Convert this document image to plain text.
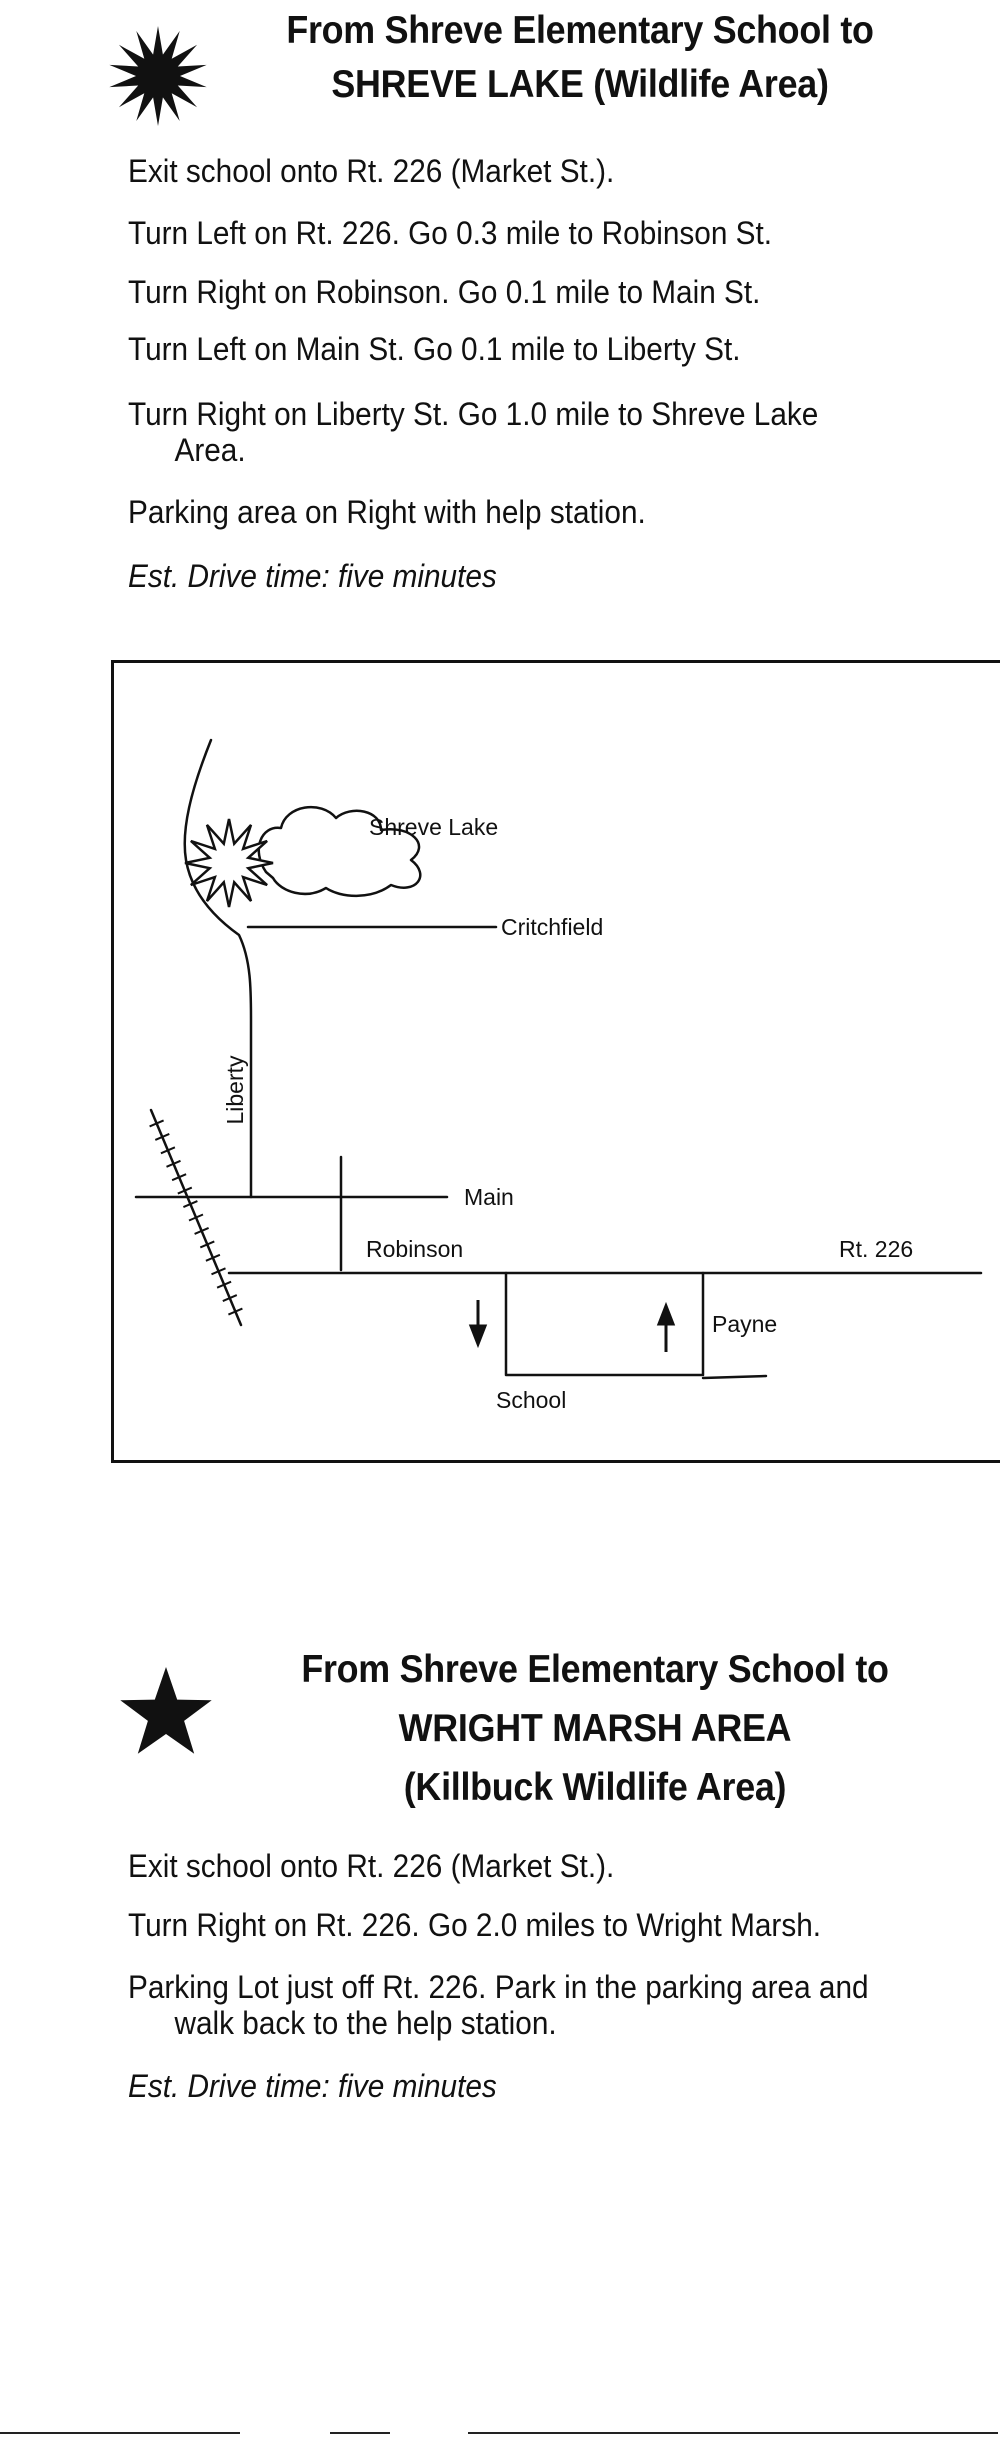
From Shreve Elementary School to
SHREVE LAKE (Wildlife Area)
Exit school onto Rt. 226 (Market St.).
Turn Left on Rt. 226. Go 0.3 mile to Robinson St.
Turn Right on Robinson. Go 0.1 mile to Main St.
Turn Left on Main St. Go 0.1 mile to Liberty St.
Turn Right on Liberty St. Go 1.0 mile to Shreve Lake
Area.
Parking area on Right with help station.
Est. Drive time: five minutes
Shreve Lake
Critchfield
Liberty
Main
Robinson	Rt. 226
Payne
School
From Shreve Elementary School to
WRIGHT MARSH AREA
(Killbuck Wildlife Area)
Exit school onto Rt. 226 (Market St.).
Turn Right on Rt. 226. Go 2.0 miles to Wright Marsh.
Parking Lot just off Rt. 226. Park in the parking area and
walk back to the help station.
Est. Drive time: five minutes
